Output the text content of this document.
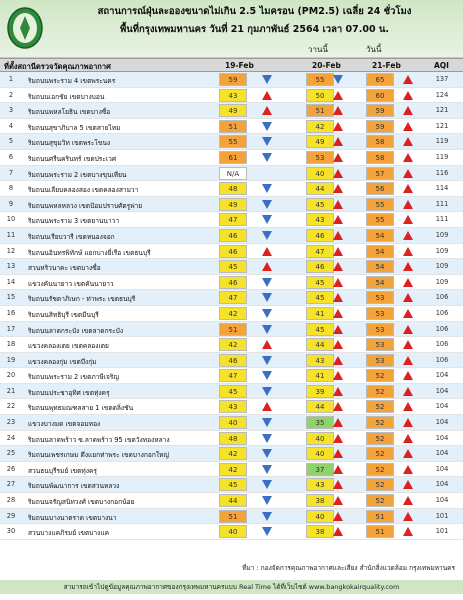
สถานการณ์ฝุ่นละอองขนาดไม่เกิน 2.5 ไมครอน (PM2.5) เฉลี่ย 24 ชั่วโมง
พื้นที่กรุงเทพมหานคร วันที่ 21 กุมภาพันธ์ 2564 เวลา 07.00 น.
วานนี้	วันนี้
ที่ตั้งสถานีตรวจวัดคุณภาพอากาศ	19-Feb	20-Feb	21-Feb	AQI
1	ริมถนนพระราม 4 เขตพระนคร	59	55	65	137
2	ริมถนนเอกชัย เขตบางบอน	43	50	60	124
3	ริมถนนพหลโยธิน เขตบางซื่อ	49	51	59	121
4	ริมถนนสุขาภิบาล 5 เขตสายไหม	51	42	59	121
5	ริมถนนสุขุมวิท เขตพระโขนง	55	49	58	119
6	ริมถนนศรีนครินทร์ เขตประเวศ	61	53	58	119
7	ริมถนนพระราม 2 เขตบางขุนเทียน	N/A	40	57	116
8	ริมถนนเลียบคลองสอง เขตคลองสามวา	48	44	56	114
9	ริมถนนพหลหลวง เขตป้อมปราบศัตรูพ่าย	49	45	55	111
10	ริมถนนพระราม 3 เขตยานนาวา	47	43	55	111
11	ริมถนนเรียบวารี เขตหนองจอก	46	46	54	109
12	ริมถนนอินทรพิทักษ์ แยกบางยี่เรือ เขตธนบุรี	46	47	54	109
13	สวนหริวนาคะ เขตบางซื่อ	45	46	54	109
14	แขวงคันนายาว เขตคันนายาว	46	45	54	109
15	ริมถนนรัชดาภิเษก - ท่าพระ เขตธนบุรี	47	45	53	106
16	ริมถนนสิทธิบุรี เขตมีนบุรี	42	41	53	106
17	ริมถนนลาดกระบัง เขตลาดกระบัง	51	45	53	106
18	แขวงคลองเตย เขตคลองเตย	42	44	53	106
19	แขวงคลองกุ่ม เขตบึงกุ่ม	46	43	53	106
20	ริมถนนพระราม 2 เขตภาษีเจริญ	47	41	52	104
21	ริมถนนประชาอุทิศ เขตทุ่งครุ	45	39	52	104
22	ริมถนนพุทธมณฑลสาย 1 เขตตลิ่งชัน	43	44	52	104
23	แขวงบางมด เขตจอมทอง	40	35	52	104
24	ริมถนนลาดพร้าว ซ.ลาดพร้าว 95 เขตวังทองหลาง	48	40	52	104
25	ริมถนนเพชรเกษม ตึงแยกท่าพระ เขตบางกอกใหญ่	42	40	52	104
26	สวนธนบุรีรมย์ เขตทุ่งครุ	42	37	52	104
27	ริมถนนพัฒนาการ เขตสวนหลวง	45	43	52	104
28	ริมถนนจรัญสนิทวงศ์ เขตบางกอกน้อย	44	38	52	104
29	ริมถนนบางนาตราด เขตบางนา	51	40	51	101
30	สวนบางแคภิรมย์ เขตบางแค	40	38	51	101
ที่มา : กองจัดการคุณภาพอากาศและเสียง สำนักสิ่งแวดล้อม กรุงเทพมหานคร
สามารถเข้าไปดูข้อมูลคุณภาพอากาศของกรุงเทพมหานครแบบ Real Time ได้ที่เว็บไซต์ www.bangkokairquality.com
